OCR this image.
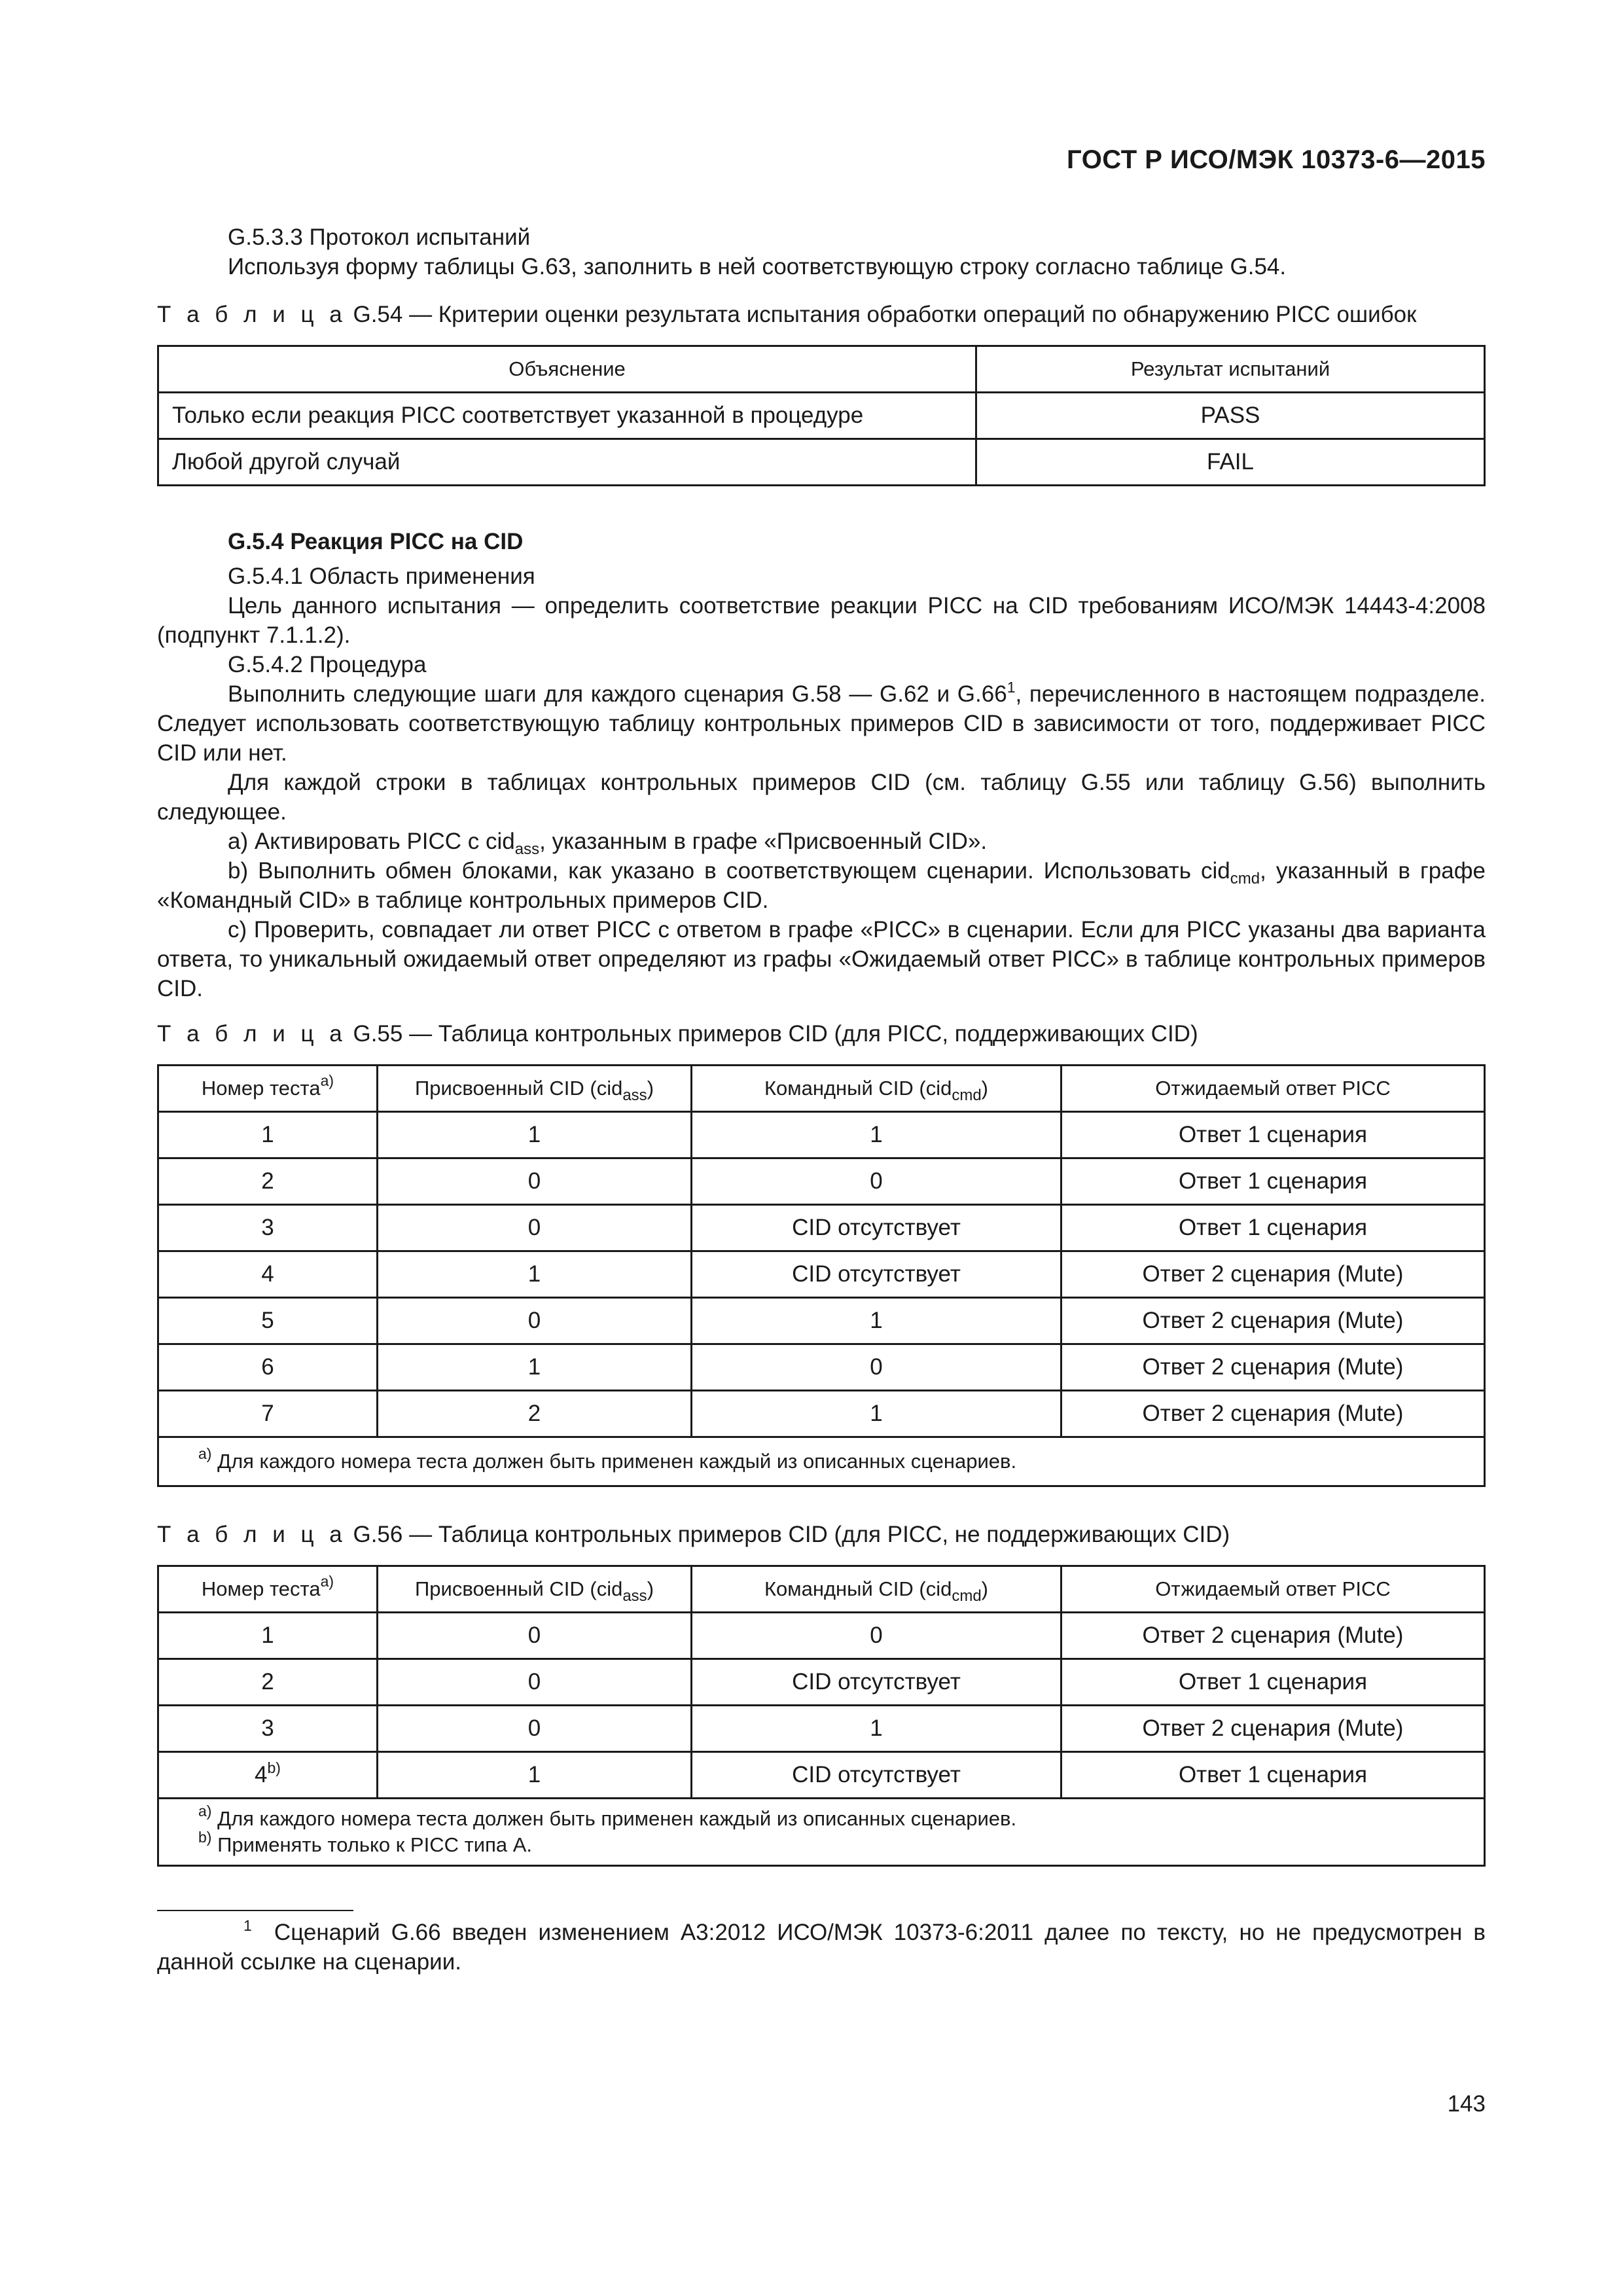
ГОСТ Р ИСО/МЭК 10373-6—2015

G.5.3.3 Протокол испытаний

Используя форму таблицы G.63, заполнить в ней соответствующую строку согласно таблице G.54.

Т а б л и ц а G.54 — Критерии оценки результата испытания обработки операций по обнаружению PICC ошибок
Объяснение	Результат испытаний
Только если реакция PICC соответствует указанной в процедуре	PASS
Любой другой случай	FAIL

G.5.4 Реакция PICC на CID

G.5.4.1 Область применения

Цель данного испытания — определить соответствие реакции PICC на CID требованиям ИСО/МЭК 14443-4:2008 (подпункт 7.1.1.2).

G.5.4.2 Процедура

Выполнить следующие шаги для каждого сценария G.58 — G.62 и $G.66^1$, перечисленного в настоящем подразделе. Следует использовать соответствующую таблицу контрольных примеров CID в зависимости от того, поддерживает PICC CID или нет.

Для каждой строки в таблицах контрольных примеров CID (см. таблицу G.55 или таблицу G.56) выполнить следующее.

a) Активировать PICC с cid$_{ass}$, указанным в графе «Присвоенный CID».

b) Выполнить обмен блоками, как указано в соответствующем сценарии. Использовать cid$_{cmd}$, указанный в графе «Командный CID» в таблице контрольных примеров CID.

c) Проверить, совпадает ли ответ PICC с ответом в графе «PICC» в сценарии. Если для PICC указаны два варианта ответа, то уникальный ожидаемый ответ определяют из графы «Ожидаемый ответ PICC» в таблице контрольных примеров CID.

Т а б л и ц а G.55 — Таблица контрольных примеров CID (для PICC, поддерживающих CID)
Номер теста$^{a)}$	Присвоенный CID (cid$_{ass}$)	Командный CID (cid$_{cmd}$)	Отжидаемый ответ PICC
1	1	1	Ответ 1 сценария
2	0	0	Ответ 1 сценария
3	0	CID отсутствует	Ответ 1 сценария
4	1	CID отсутствует	Ответ 2 сценария (Mute)
5	0	1	Ответ 2 сценария (Mute)
6	1	0	Ответ 2 сценария (Mute)
7	2	1	Ответ 2 сценария (Mute)
$^{a)}$ Для каждого номера теста должен быть применен каждый из описанных сценариев.			
Т а б л и ц а G.56 — Таблица контрольных примеров CID (для PICC, не поддерживающих CID)
Номер теста$^{a)}$	Присвоенный CID (cid$_{ass}$)	Командный CID (cid$_{cmd}$)	Отжидаемый ответ PICC
1	0	0	Ответ 2 сценария (Mute)
2	0	CID отсутствует	Ответ 1 сценария
3	0	1	Ответ 2 сценария (Mute)
4$^{b)}$	1	CID отсутствует	Ответ 1 сценария

$^{a)}$ Для каждого номера теста должен быть применен каждый из описанных сценариев.
$^{b)}$ Применять только к PICC типа А.			

$^1$ Сценарий G.66 введен изменением А3:2012 ИСО/МЭК 10373-6:2011 далее по тексту, но не предусмотрен в данной ссылке на сценарии.

143
